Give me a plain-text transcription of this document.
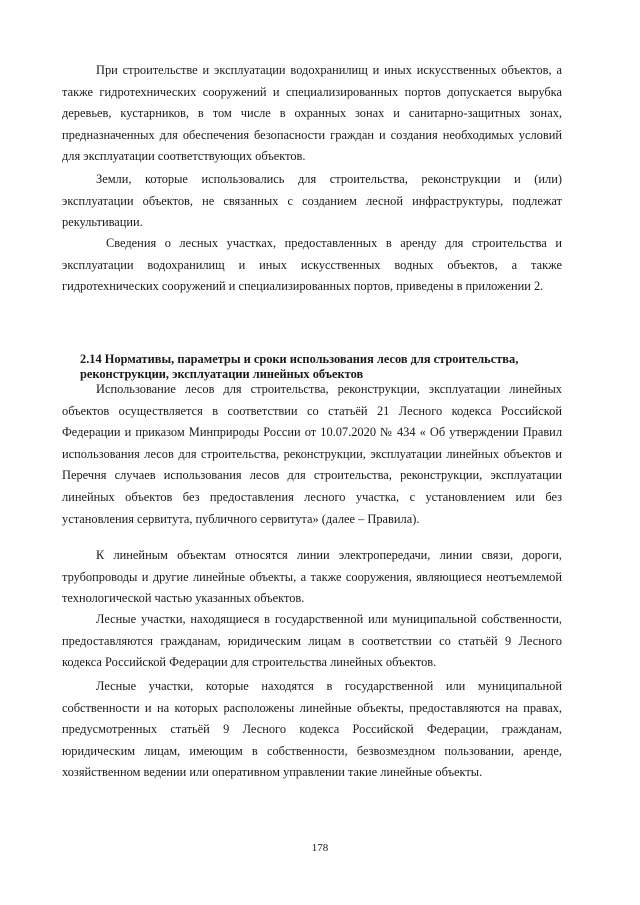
При строительстве и эксплуатации водохранилищ и иных искусственных объектов, а также гидротехнических сооружений и специализированных портов допускается вырубка деревьев, кустарников, в том числе в охранных зонах и санитарно-защитных зонах, предназначенных для обеспечения безопасности граждан и создания необходимых условий для эксплуатации соответствующих объектов.

Земли, которые использовались для строительства, реконструкции и (или) эксплуатации объектов, не связанных с созданием лесной инфраструктуры, подлежат рекультивации.

Сведения о лесных участках, предоставленных в аренду для строительства и эксплуатации водохранилищ и иных искусственных водных объектов, а также гидротехнических сооружений и специализированных портов, приведены в приложении 2.

2.14 Нормативы, параметры и сроки использования лесов для строительства, реконструкции, эксплуатации линейных объектов

Использование лесов для строительства, реконструкции, эксплуатации линейных объектов осуществляется в соответствии со статьёй 21 Лесного кодекса Российской Федерации и приказом Минприроды России от 10.07.2020 № 434 « Об утверждении Правил использования лесов для строительства, реконструкции, эксплуатации линейных объектов и Перечня случаев использования лесов для строительства, реконструкции, эксплуатации линейных объектов без предоставления лесного участка, с установлением или без установления сервитута, публичного сервитута» (далее – Правила).

К линейным объектам относятся линии электропередачи, линии связи, дороги, трубопроводы и другие линейные объекты, а также сооружения, являющиеся неотъемлемой технологической частью указанных объектов.

Лесные участки, находящиеся в государственной или муниципальной собственности, предоставляются гражданам, юридическим лицам в соответствии со статьёй 9 Лесного кодекса Российской Федерации для строительства линейных объектов.

Лесные участки, которые находятся в государственной или муниципальной собственности и на которых расположены линейные объекты, предоставляются на правах, предусмотренных статьёй 9 Лесного кодекса Российской Федерации, гражданам, юридическим лицам, имеющим в собственности, безвозмездном пользовании, аренде, хозяйственном ведении или оперативном управлении такие линейные объекты.

178
